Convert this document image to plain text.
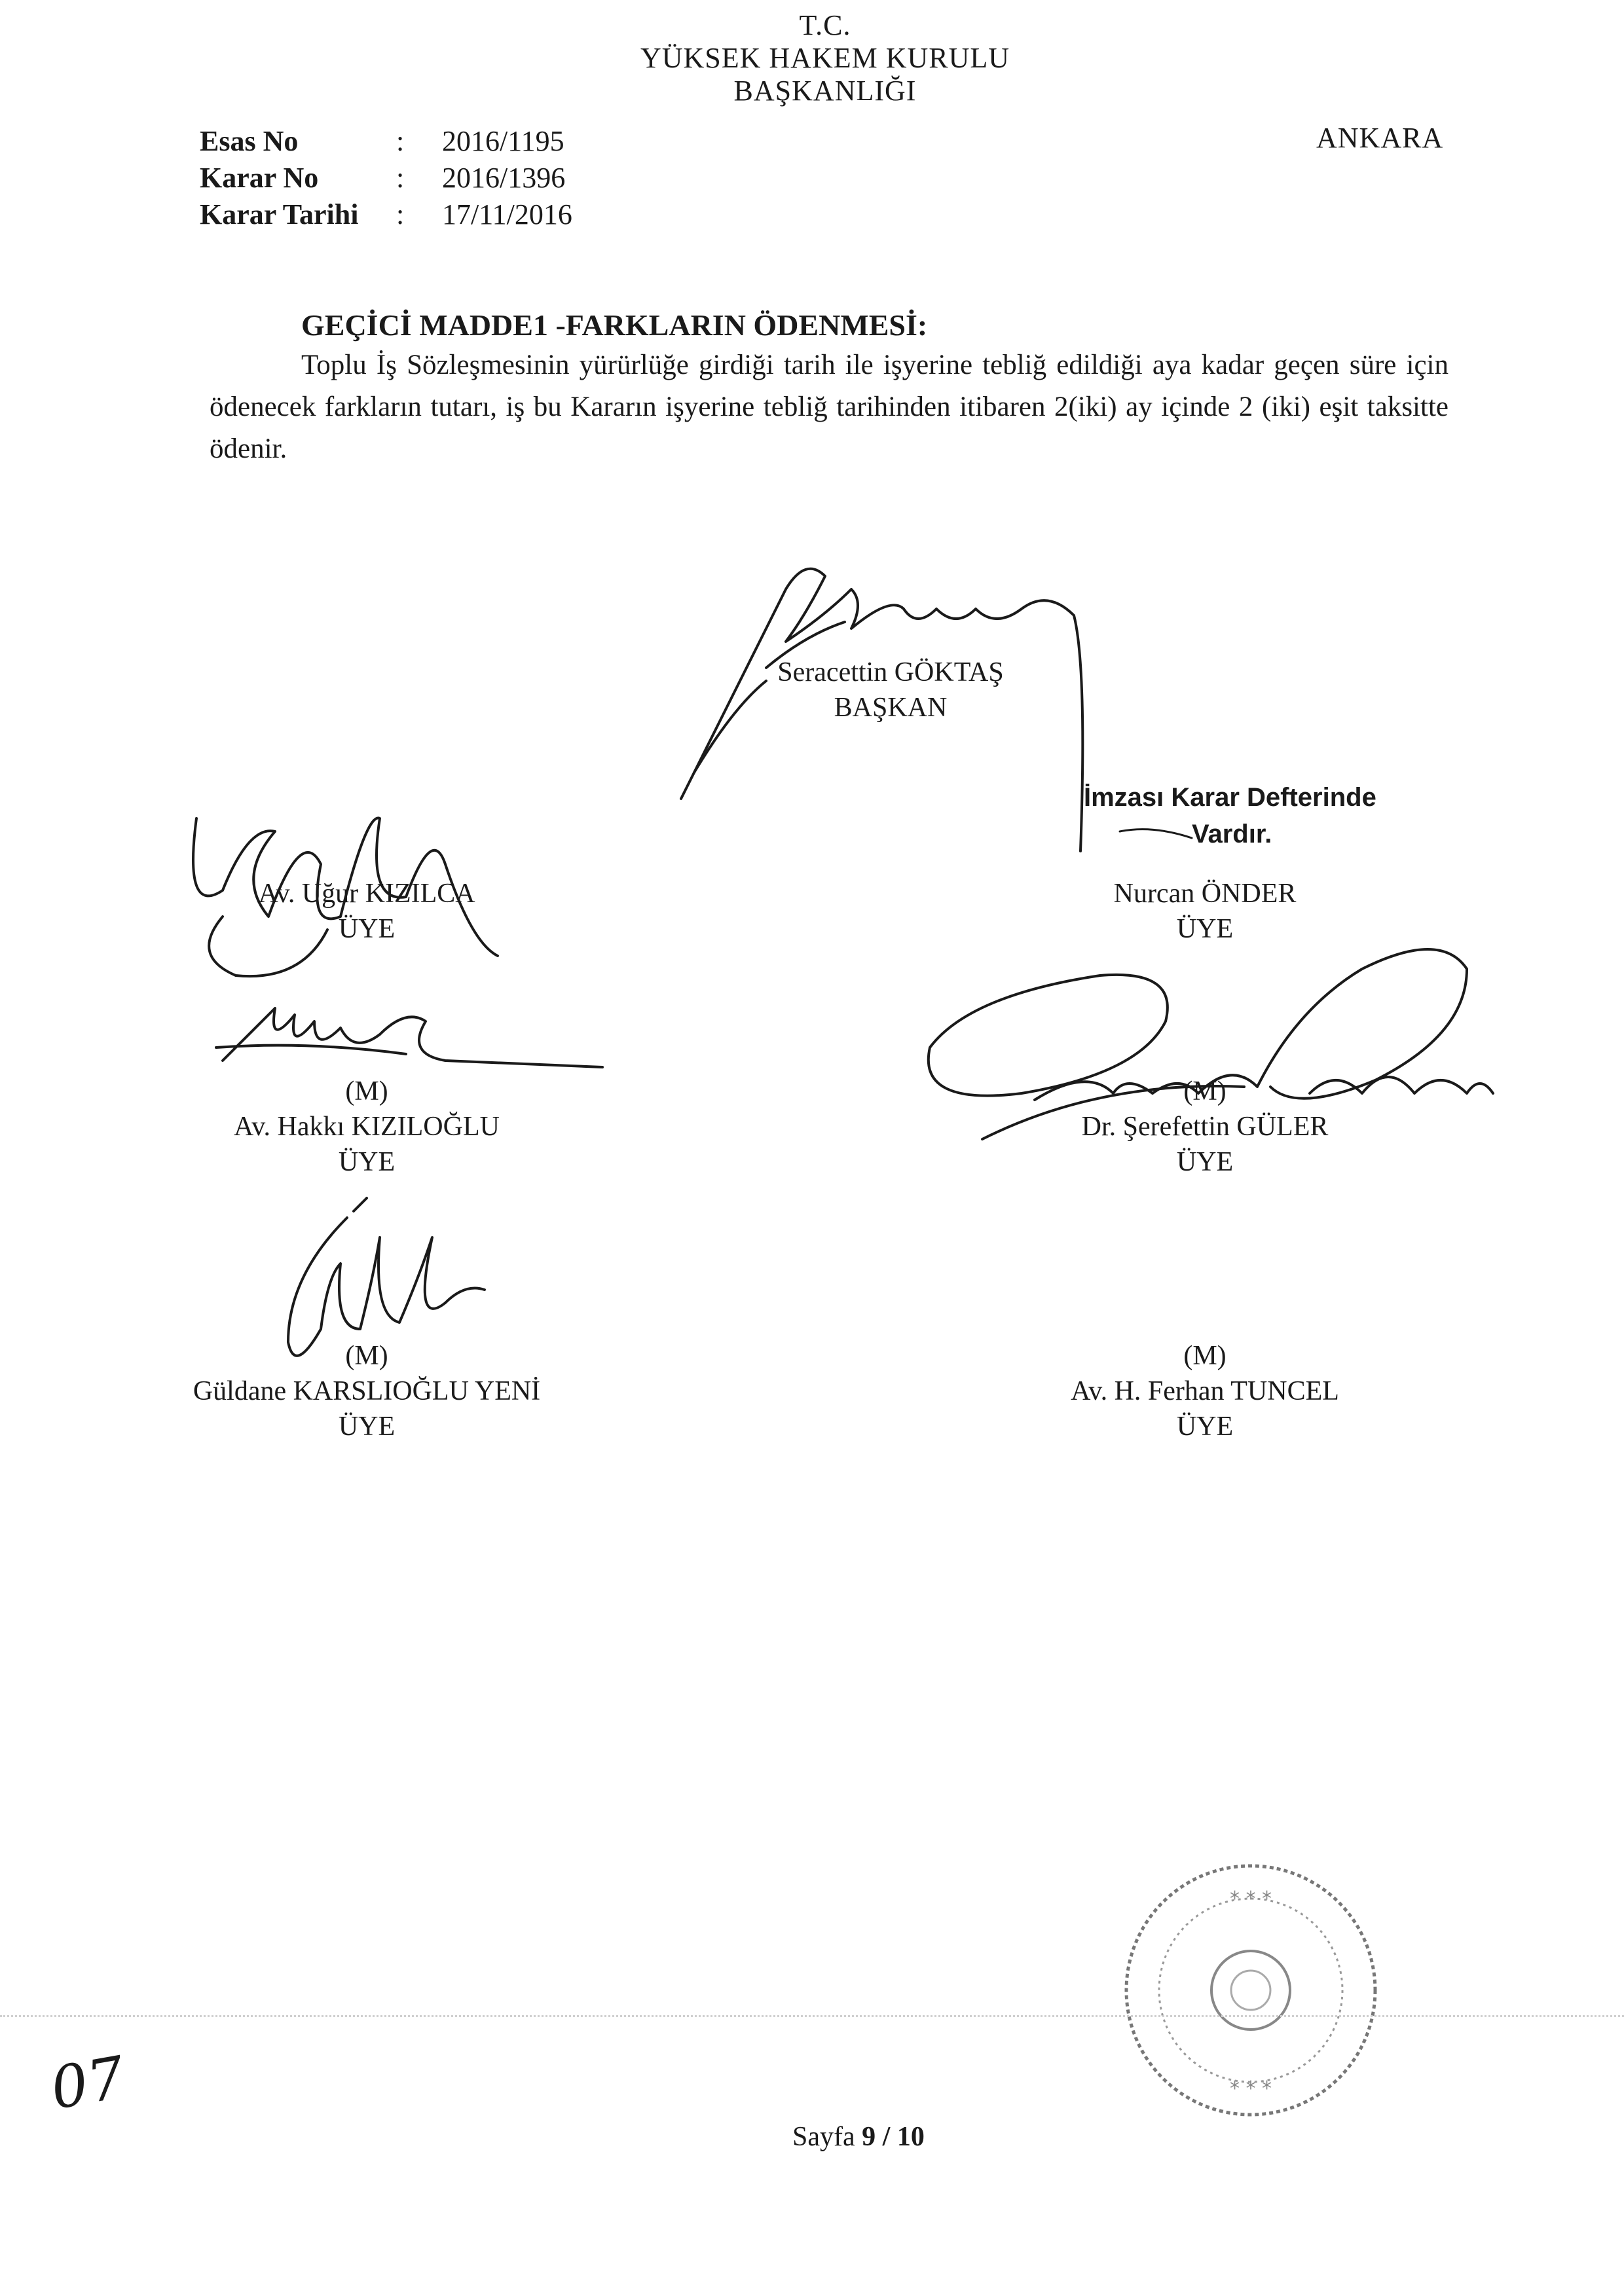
T.C.
YÜKSEK HAKEM KURULU
BAŞKANLIĞI
ANKARA
Esas No	: 2016/1195
Karar No	: 2016/1396
Karar Tarihi : 17/11/2016
GEÇİCİ MADDE1 -FARKLARIN ÖDENMESİ:
Toplu İş Sözleşmesinin yürürlüğe girdiği tarih ile işyerine tebliğ edildiği aya kadar geçen süre için ödenecek farkların tutarı, iş bu Kararın işyerine tebliğ tarihinden itibaren 2(iki) ay içinde 2 (iki) eşit taksitte ödenir.
Seracettin GÖKTAŞ
BAŞKAN
İmzası Karar Defterinde
Vardır.
Av. Uğur KIZILCA
ÜYE
Nurcan ÖNDER
ÜYE
(M)
Av. Hakkı KIZILOĞLU
ÜYE
(M)
Dr. Şerefettin GÜLER
ÜYE
(M)
Güldane KARSLIOĞLU YENİ
ÜYE
(M)
Av. H. Ferhan TUNCEL
ÜYE
* * *
* * *
07
Sayfa 9 / 10
